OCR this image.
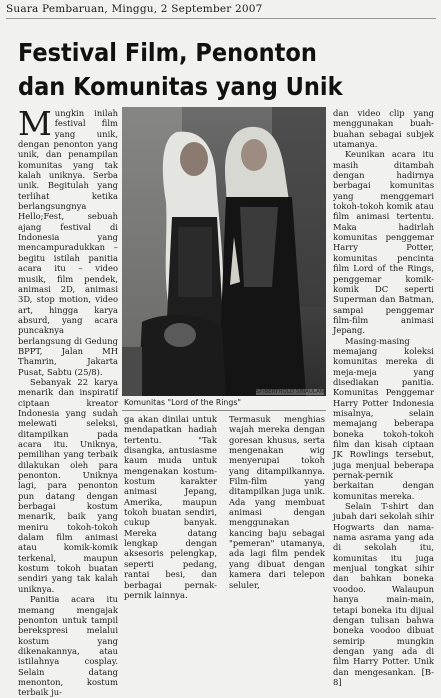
Suara Pembaruan, Minggu, 2 September 2007
Festival Film, Penonton
dan Komunitas yang Unik

Mungkin inilah festival film yang unik, dengan penonton yang unik, dan penampilan komunitas yang tak kalah uniknya. Serba unik. Begitulah yang terlihat ketika berlangsungnya Hello;Fest, sebuah ajang festival di Indonesia yang mencampuradukkan – begitu istilah panitia acara itu – video musik, film pendek, animasi 2D, animasi 3D, stop motion, video art, hingga karya absurd, yang acara puncaknya berlangsung di Gedung BPPT, Jalan MH Thamrin, Jakarta Pusat, Sabtu (25/8).

Sebanyak 22 karya menarik dan inspiratif ciptaan kreator Indonesia yang sudah melewati seleksi, ditampilkan pada acara itu. Uniknya, pemilihan yang terbaik dilakukan oleh para penonton. Uniknya lagi, para penonton pun datang dengan berbagai kostum menarik, baik yang meniru tokoh-tokoh dalam film animasi atau komik-komik terkenal, maupun kostum tokoh buatan sendiri yang tak kalah uniknya.

Panitia acara itu memang mengajak penonton untuk tampil berekspresi melalui kostum yang dikenakannya, atau istilahnya cosplay. Selain datang menonton, kostum terbaik ju-

SP/BERTHOLD SINAULAN
Komunitas "Lord of the Rings"

ga akan dinilai untuk mendapatkan hadiah tertentu. "Tak disangka, antusiasme kaum muda untuk mengenakan kostum-kostum karakter animasi Jepang, Amerika, maupun tokoh buatan sendiri, cukup banyak. Mereka datang lengkap dengan aksesoris pelengkap, seperti pedang, rantai besi, dan berbagai pernak-pernik lainnya.

Termasuk menghias wajah mereka dengan goresan khusus, serta mengenakan wig menyerupai tokoh yang ditampilkannya. Film-film yang ditampilkan juga unik. Ada yang membuat animasi dengan menggunakan kancing baju sebagai "pemeran" utamanya, ada lagi film pendek yang dibuat dengan kamera dari telepon seluler,

dan video clip yang menggunakan buah-buahan sebagai subjek utamanya.

Keunikan acara itu masih ditambah dengan hadirnya berbagai komunitas yang menggemari tokoh-tokoh komik atau film animasi tertentu. Maka hadirlah komunitas penggemar Harry Potter, komunitas pencinta film Lord of the Rings, penggemar komik-komik DC seperti Superman dan Batman, sampai penggemar film-film animasi Jepang.

Masing-masing memajang koleksi komunitas mereka di meja-meja yang disediakan panitia. Komunitas Penggemar Harry Potter Indonesia misalnya, selain memajang beberapa boneka tokoh-tokoh film dan kisah ciptaan JK Rowlings tersebut, juga menjual beberapa pernak-pernik berkaitan dengan komunitas mereka.

Selain T-shirt dan jubah dari sekolah sihir Hogwarts dan nama-nama asrama yang ada di sekolah itu, komunitas itu juga menjual tongkat sihir dan bahkan boneka voodoo. Walaupun hanya main-main, tetapi boneka itu dijual dengan tulisan bahwa boneka voodoo dibuat semirip mungkin dengan yang ada di film Harry Potter. Unik dan mengesankan. [B-8]
